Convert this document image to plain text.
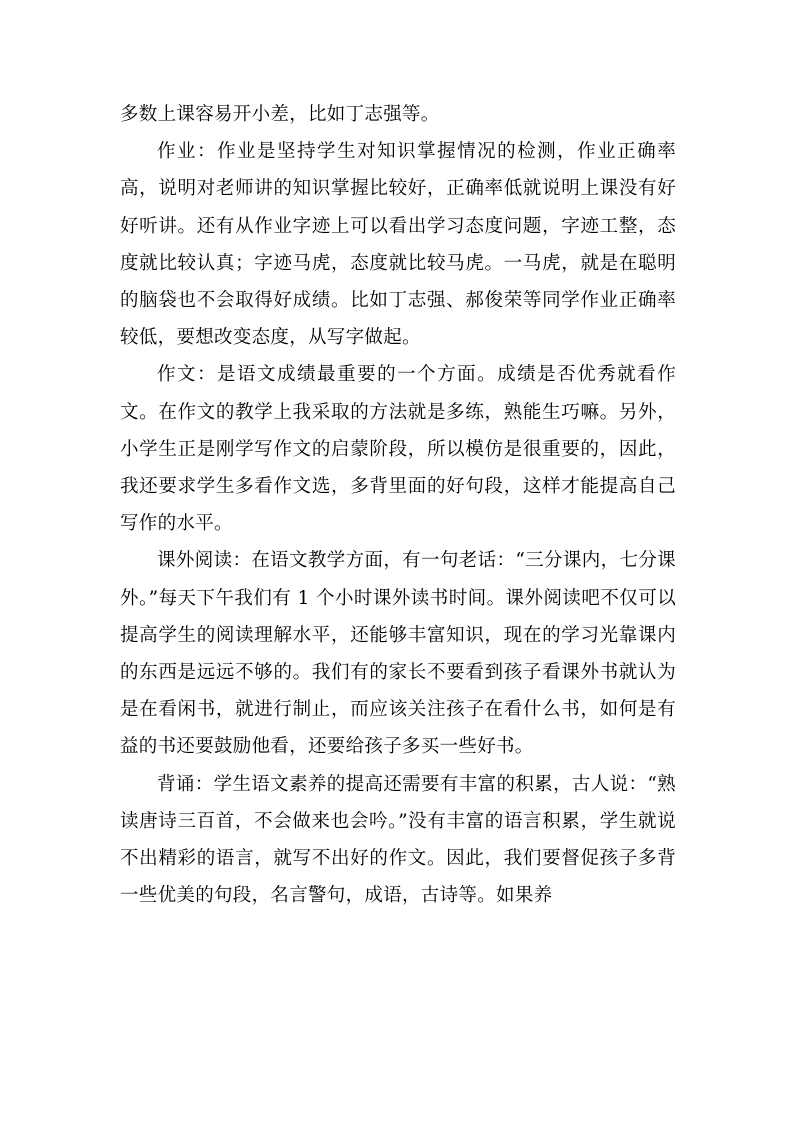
多数上课容易开小差，比如丁志强等。

作业：作业是坚持学生对知识掌握情况的检测，作业正确率高，说明对老师讲的知识掌握比较好，正确率低就说明上课没有好好听讲。还有从作业字迹上可以看出学习态度问题，字迹工整，态度就比较认真；字迹马虎，态度就比较马虎。一马虎，就是在聪明的脑袋也不会取得好成绩。比如丁志强、郝俊荣等同学作业正确率较低，要想改变态度，从写字做起。

作文：是语文成绩最重要的一个方面。成绩是否优秀就看作文。在作文的教学上我采取的方法就是多练，熟能生巧嘛。另外，小学生正是刚学写作文的启蒙阶段，所以模仿是很重要的，因此，我还要求学生多看作文选，多背里面的好句段，这样才能提高自己写作的水平。

课外阅读：在语文教学方面，有一句老话：“三分课内，七分课外。”每天下午我们有 1 个小时课外读书时间。课外阅读吧不仅可以提高学生的阅读理解水平，还能够丰富知识，现在的学习光靠课内的东西是远远不够的。我们有的家长不要看到孩子看课外书就认为是在看闲书，就进行制止，而应该关注孩子在看什么书，如何是有益的书还要鼓励他看，还要给孩子多买一些好书。

背诵：学生语文素养的提高还需要有丰富的积累，古人说：“熟读唐诗三百首，不会做来也会吟。”没有丰富的语言积累，学生就说不出精彩的语言，就写不出好的作文。因此，我们要督促孩子多背一些优美的句段，名言警句，成语，古诗等。如果养
